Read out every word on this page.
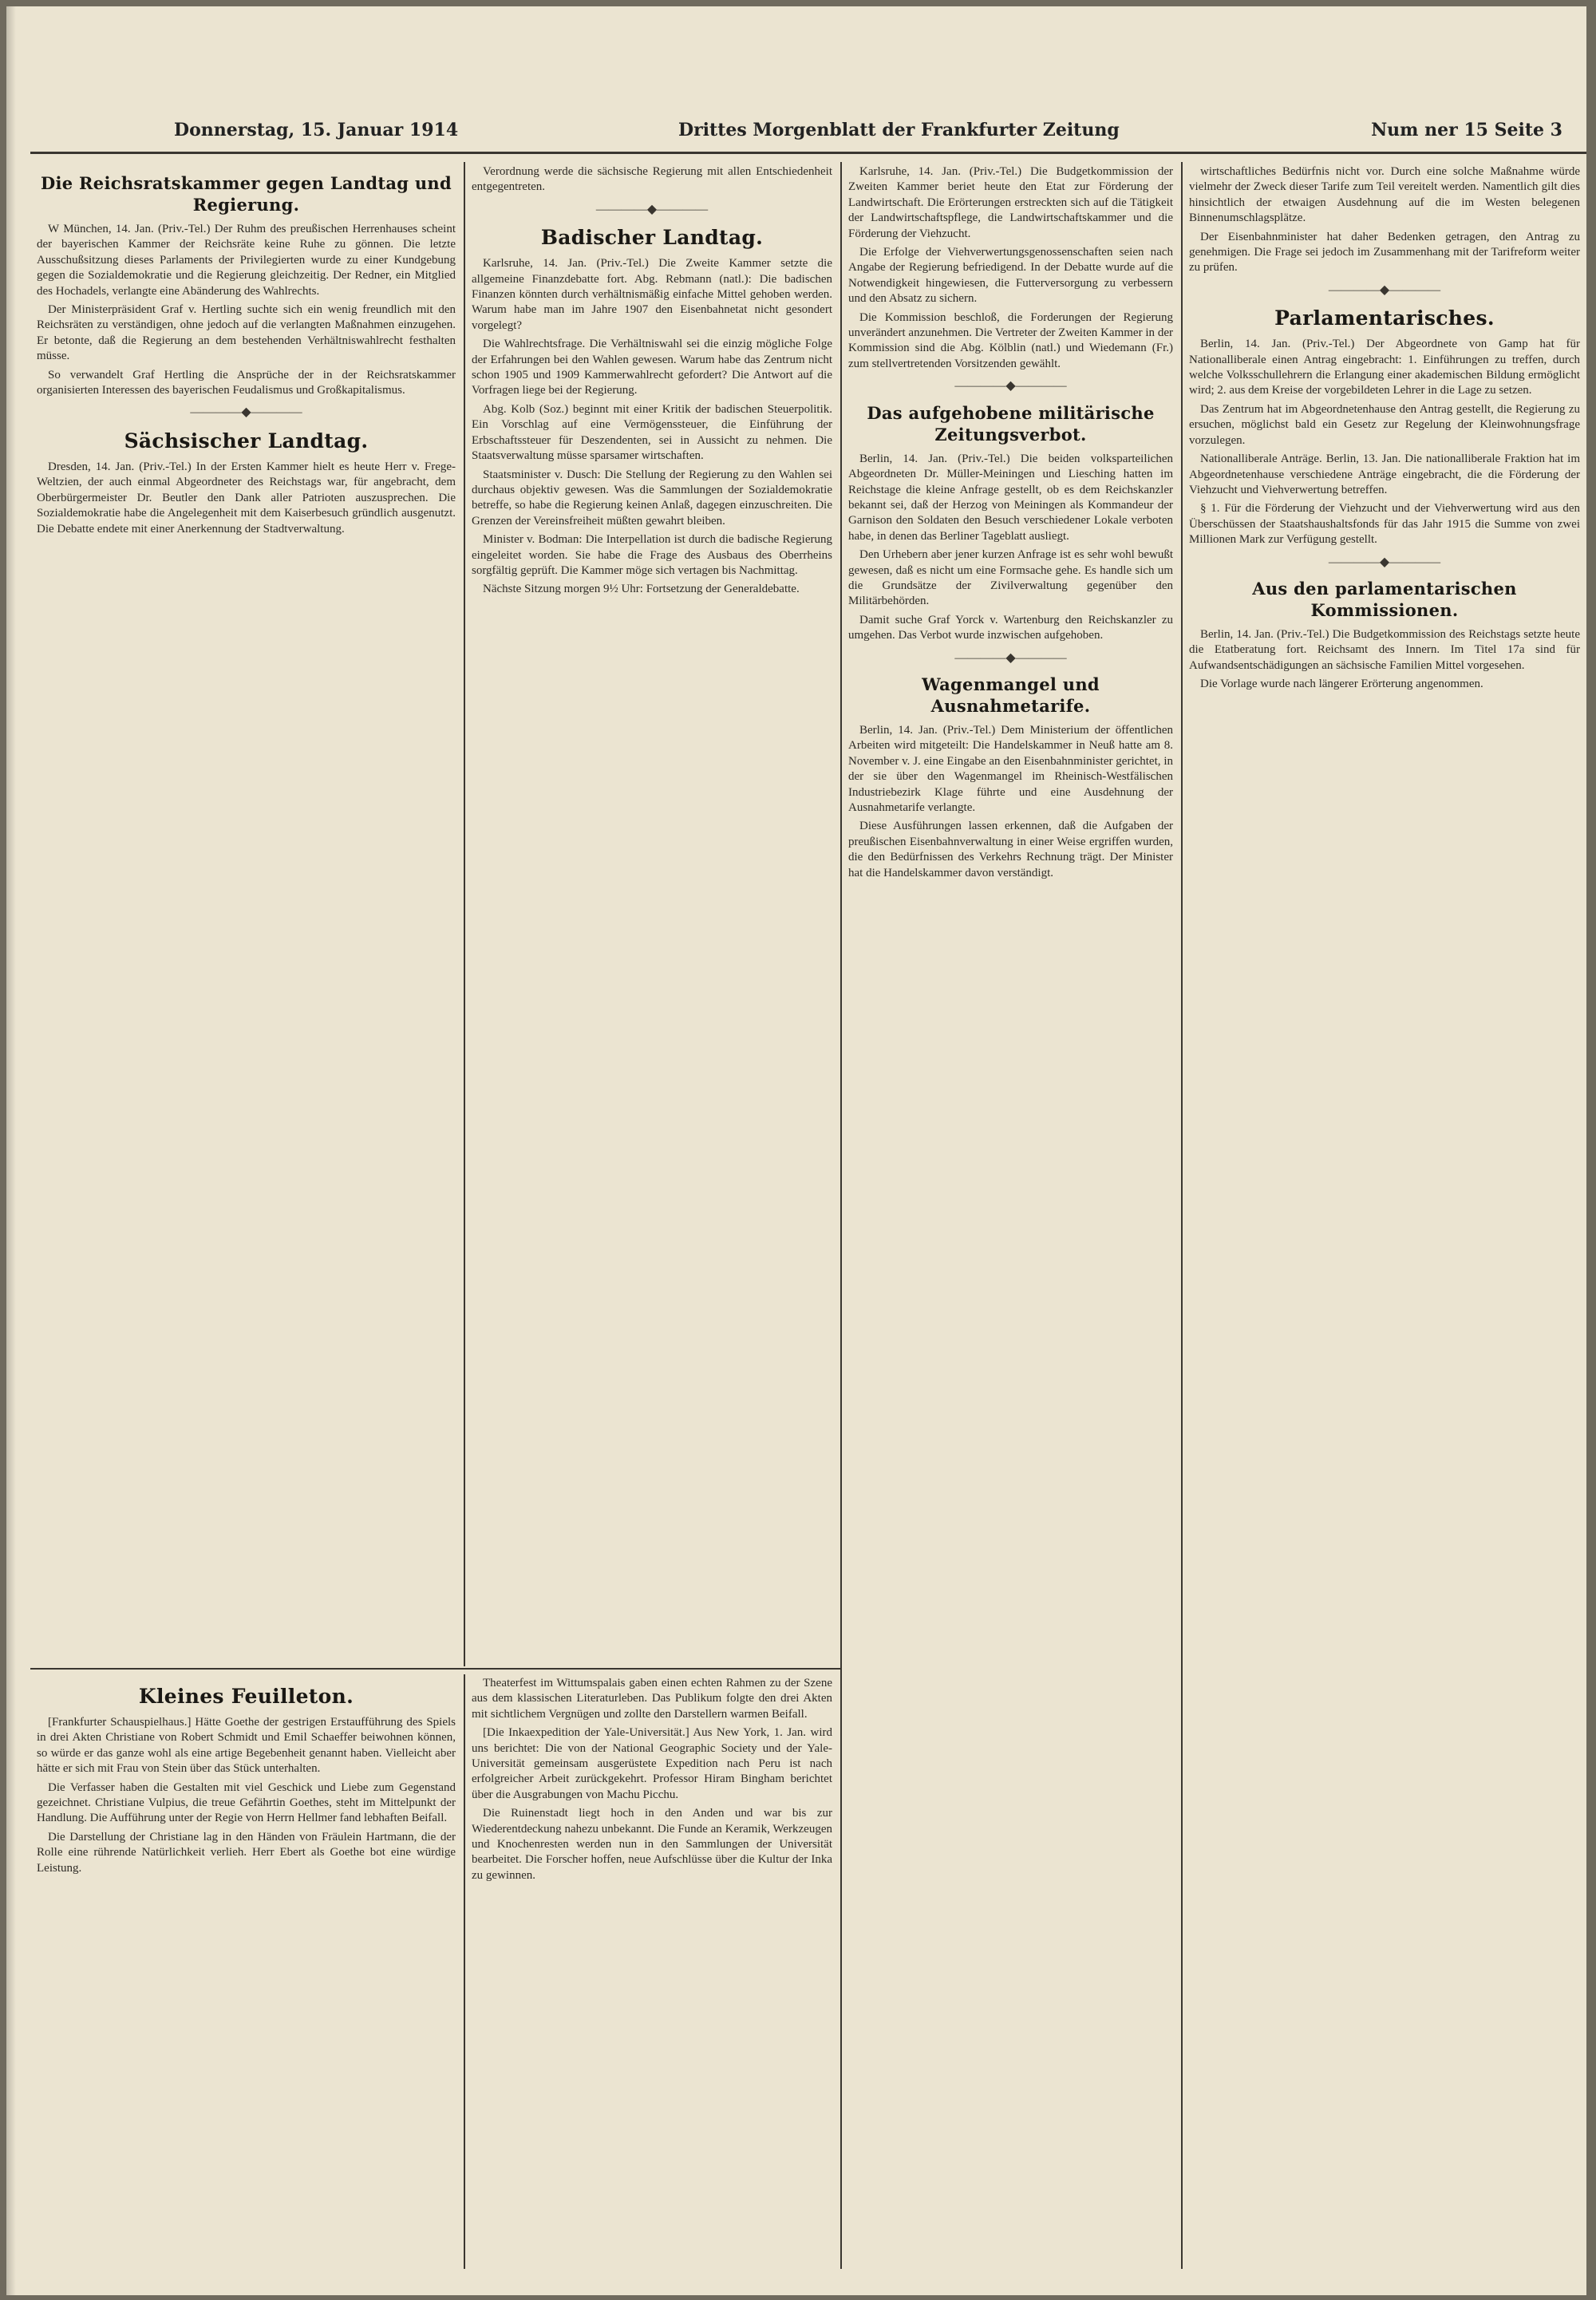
Donnerstag, 15. Januar 1914	Drittes Morgenblatt der Frankfurter Zeitung	Num ner 15 Seite 3
Die Reichsratskammer gegen Landtag und Regierung.

W München, 14. Jan. (Priv.-Tel.) Der Ruhm des preußischen Herrenhauses scheint der bayerischen Kammer der Reichsräte keine Ruhe zu gönnen. Die letzte Ausschußsitzung dieses Parlaments der Privilegierten wurde zu einer Kundgebung gegen die Sozialdemokratie und die Regierung gleichzeitig. Der Redner, ein Mitglied des Hochadels, verlangte eine Abänderung des Wahlrechts.

Der Ministerpräsident Graf v. Hertling suchte sich ein wenig freundlich mit den Reichsräten zu verständigen, ohne jedoch auf die verlangten Maßnahmen einzugehen. Er betonte, daß die Regierung an dem bestehenden Verhältniswahlrecht festhalten müsse.

So verwandelt Graf Hertling die Ansprüche der in der Reichsratskammer organisierten Interessen des bayerischen Feudalismus und Großkapitalismus.

————◆————
Sächsischer Landtag.

Dresden, 14. Jan. (Priv.-Tel.) In der Ersten Kammer hielt es heute Herr v. Frege-Weltzien, der auch einmal Abgeordneter des Reichstags war, für angebracht, dem Oberbürgermeister Dr. Beutler den Dank aller Patrioten auszusprechen. Die Sozialdemokratie habe die Angelegenheit mit dem Kaiserbesuch gründlich ausgenutzt. Die Debatte endete mit einer Anerkennung der Stadtverwaltung.

Verordnung werde die sächsische Regierung mit allen Entschiedenheit entgegentreten.

————◆————
Badischer Landtag.

Karlsruhe, 14. Jan. (Priv.-Tel.) Die Zweite Kammer setzte die allgemeine Finanzdebatte fort. Abg. Rebmann (natl.): Die badischen Finanzen könnten durch verhältnismäßig einfache Mittel gehoben werden. Warum habe man im Jahre 1907 den Eisenbahnetat nicht gesondert vorgelegt?

Die Wahlrechtsfrage. Die Verhältniswahl sei die einzig mögliche Folge der Erfahrungen bei den Wahlen gewesen. Warum habe das Zentrum nicht schon 1905 und 1909 Kammerwahlrecht gefordert? Die Antwort auf die Vorfragen liege bei der Regierung.

Abg. Kolb (Soz.) beginnt mit einer Kritik der badischen Steuerpolitik. Ein Vorschlag auf eine Vermögenssteuer, die Einführung der Erbschaftssteuer für Deszendenten, sei in Aussicht zu nehmen. Die Staatsverwaltung müsse sparsamer wirtschaften.

Staatsminister v. Dusch: Die Stellung der Regierung zu den Wahlen sei durchaus objektiv gewesen. Was die Sammlungen der Sozialdemokratie betreffe, so habe die Regierung keinen Anlaß, dagegen einzuschreiten. Die Grenzen der Vereinsfreiheit müßten gewahrt bleiben.

Minister v. Bodman: Die Interpellation ist durch die badische Regierung eingeleitet worden. Sie habe die Frage des Ausbaus des Oberrheins sorgfältig geprüft. Die Kammer möge sich vertagen bis Nachmittag.

Nächste Sitzung morgen 9½ Uhr: Fortsetzung der Generaldebatte.

Karlsruhe, 14. Jan. (Priv.-Tel.) Die Budgetkommission der Zweiten Kammer beriet heute den Etat zur Förderung der Landwirtschaft. Die Erörterungen erstreckten sich auf die Tätigkeit der Landwirtschaftspflege, die Landwirtschaftskammer und die Förderung der Viehzucht.

Die Erfolge der Viehverwertungsgenossenschaften seien nach Angabe der Regierung befriedigend. In der Debatte wurde auf die Notwendigkeit hingewiesen, die Futterversorgung zu verbessern und den Absatz zu sichern.

Die Kommission beschloß, die Forderungen der Regierung unverändert anzunehmen. Die Vertreter der Zweiten Kammer in der Kommission sind die Abg. Kölblin (natl.) und Wiedemann (Fr.) zum stellvertretenden Vorsitzenden gewählt.

————◆————
Das aufgehobene militärische Zeitungsverbot.

Berlin, 14. Jan. (Priv.-Tel.) Die beiden volksparteilichen Abgeordneten Dr. Müller-Meiningen und Liesching hatten im Reichstage die kleine Anfrage gestellt, ob es dem Reichskanzler bekannt sei, daß der Herzog von Meiningen als Kommandeur der Garnison den Soldaten den Besuch verschiedener Lokale verboten habe, in denen das Berliner Tageblatt ausliegt.

Den Urhebern aber jener kurzen Anfrage ist es sehr wohl bewußt gewesen, daß es nicht um eine Formsache gehe. Es handle sich um die Grundsätze der Zivilverwaltung gegenüber den Militärbehörden.

Damit suche Graf Yorck v. Wartenburg den Reichskanzler zu umgehen. Das Verbot wurde inzwischen aufgehoben.

————◆————
Wagenmangel und Ausnahmetarife.

Berlin, 14. Jan. (Priv.-Tel.) Dem Ministerium der öffentlichen Arbeiten wird mitgeteilt: Die Handelskammer in Neuß hatte am 8. November v. J. eine Eingabe an den Eisenbahnminister gerichtet, in der sie über den Wagenmangel im Rheinisch-Westfälischen Industriebezirk Klage führte und eine Ausdehnung der Ausnahmetarife verlangte.

Diese Ausführungen lassen erkennen, daß die Aufgaben der preußischen Eisenbahnverwaltung in einer Weise ergriffen wurden, die den Bedürfnissen des Verkehrs Rechnung trägt. Der Minister hat die Handelskammer davon verständigt.

wirtschaftliches Bedürfnis nicht vor. Durch eine solche Maßnahme würde vielmehr der Zweck dieser Tarife zum Teil vereitelt werden. Namentlich gilt dies hinsichtlich der etwaigen Ausdehnung auf die im Westen belegenen Binnenumschlagsplätze.

Der Eisenbahnminister hat daher Bedenken getragen, den Antrag zu genehmigen. Die Frage sei jedoch im Zusammenhang mit der Tarifreform weiter zu prüfen.

————◆————
Parlamentarisches.

Berlin, 14. Jan. (Priv.-Tel.) Der Abgeordnete von Gamp hat für Nationalliberale einen Antrag eingebracht: 1. Einführungen zu treffen, durch welche Volksschullehrern die Erlangung einer akademischen Bildung ermöglicht wird; 2. aus dem Kreise der vorgebildeten Lehrer in die Lage zu setzen.

Das Zentrum hat im Abgeordnetenhause den Antrag gestellt, die Regierung zu ersuchen, möglichst bald ein Gesetz zur Regelung der Kleinwohnungsfrage vorzulegen.

Nationalliberale Anträge. Berlin, 13. Jan. Die nationalliberale Fraktion hat im Abgeordnetenhause verschiedene Anträge eingebracht, die die Förderung der Viehzucht und Viehverwertung betreffen.

§ 1. Für die Förderung der Viehzucht und der Viehverwertung wird aus den Überschüssen der Staatshaushaltsfonds für das Jahr 1915 die Summe von zwei Millionen Mark zur Verfügung gestellt.

————◆————
Aus den parlamentarischen Kommissionen.

Berlin, 14. Jan. (Priv.-Tel.) Die Budgetkommission des Reichstags setzte heute die Etatberatung fort. Reichsamt des Innern. Im Titel 17a sind für Aufwandsentschädigungen an sächsische Familien Mittel vorgesehen.

Die Vorlage wurde nach längerer Erörterung angenommen.

Kleines Feuilleton.

[Frankfurter Schauspielhaus.] Hätte Goethe der gestrigen Erstaufführung des Spiels in drei Akten Christiane von Robert Schmidt und Emil Schaeffer beiwohnen können, so würde er das ganze wohl als eine artige Begebenheit genannt haben. Vielleicht aber hätte er sich mit Frau von Stein über das Stück unterhalten.

Die Verfasser haben die Gestalten mit viel Geschick und Liebe zum Gegenstand gezeichnet. Christiane Vulpius, die treue Gefährtin Goethes, steht im Mittelpunkt der Handlung. Die Aufführung unter der Regie von Herrn Hellmer fand lebhaften Beifall.

Die Darstellung der Christiane lag in den Händen von Fräulein Hartmann, die der Rolle eine rührende Natürlichkeit verlieh. Herr Ebert als Goethe bot eine würdige Leistung.

Theaterfest im Wittumspalais gaben einen echten Rahmen zu der Szene aus dem klassischen Literaturleben. Das Publikum folgte den drei Akten mit sichtlichem Vergnügen und zollte den Darstellern warmen Beifall.

[Die Inkaexpedition der Yale-Universität.] Aus New York, 1. Jan. wird uns berichtet: Die von der National Geographic Society und der Yale-Universität gemeinsam ausgerüstete Expedition nach Peru ist nach erfolgreicher Arbeit zurückgekehrt. Professor Hiram Bingham berichtet über die Ausgrabungen von Machu Picchu.

Die Ruinenstadt liegt hoch in den Anden und war bis zur Wiederentdeckung nahezu unbekannt. Die Funde an Keramik, Werkzeugen und Knochenresten werden nun in den Sammlungen der Universität bearbeitet. Die Forscher hoffen, neue Aufschlüsse über die Kultur der Inka zu gewinnen.
